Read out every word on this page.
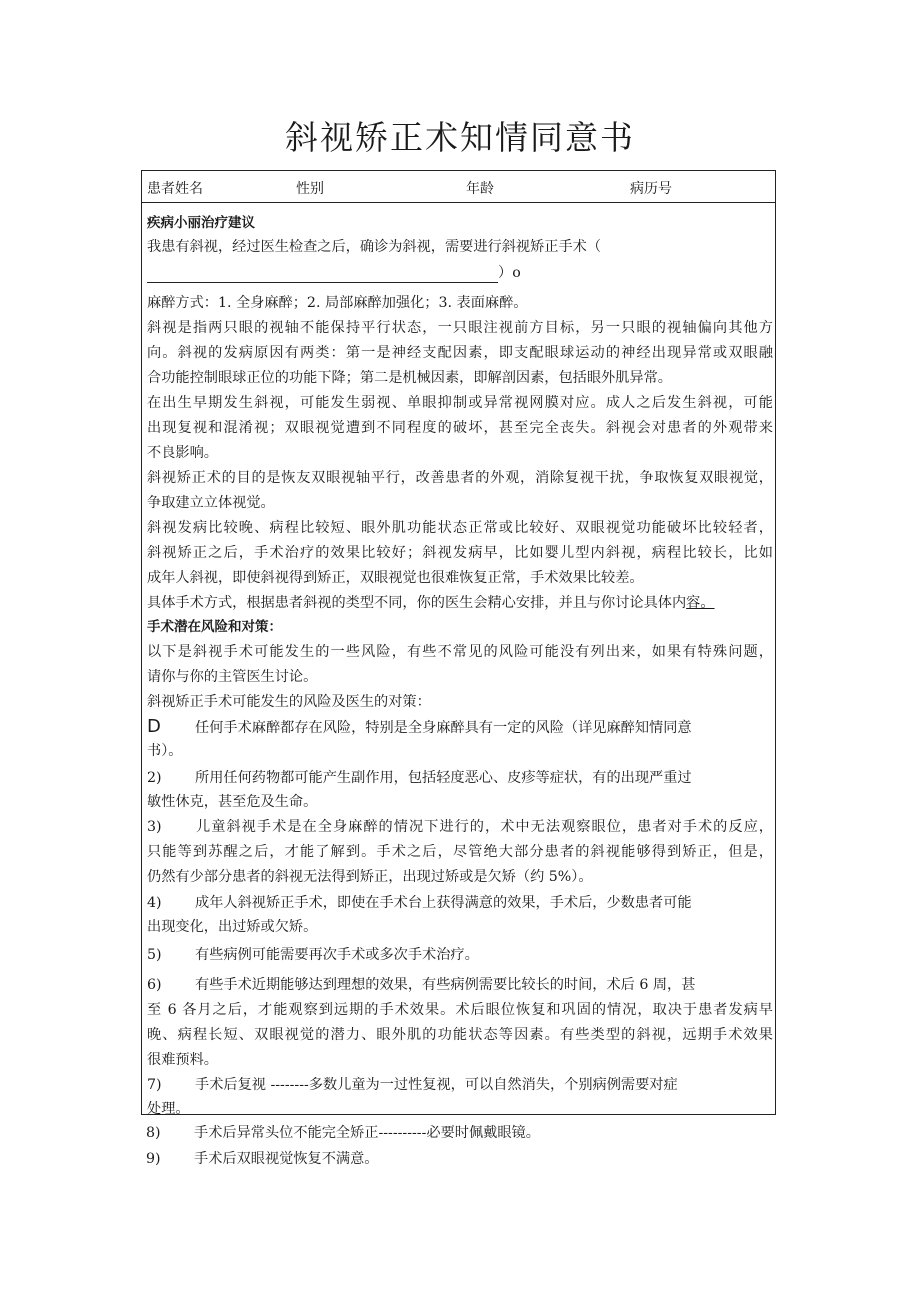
斜视矫正术知情同意书
患者姓名	性别	年龄	病历号
疾病小丽治疗建议
我患有斜视，经过医生检查之后，确诊为斜视，需要进行斜视矫正手术（
）o
麻醉方式：1. 全身麻醉；2. 局部麻醉加强化；3. 表面麻醉。
斜视是指两只眼的视轴不能保持平行状态，一只眼注视前方目标，另一只眼的视轴偏向其他方
向。斜视的发病原因有两类：第一是神经支配因素，即支配眼球运动的神经出现异常或双眼融
合功能控制眼球正位的功能下降；第二是机械因素，即解剖因素，包括眼外肌异常。
在出生早期发生斜视，可能发生弱视、单眼抑制或异常视网膜对应。成人之后发生斜视，可能
出现复视和混淆视；双眼视觉遭到不同程度的破坏，甚至完全丧失。斜视会对患者的外观带来
不良影响。
斜视矫正术的目的是恢友双眼视轴平行，改善患者的外观，消除复视干扰，争取恢复双眼视觉，
争取建立立体视觉。
斜视发病比较晚、病程比较短、眼外肌功能状态正常或比较好、双眼视觉功能破坏比较轻者，
斜视矫正之后，手术治疗的效果比较好；斜视发病早，比如婴儿型内斜视，病程比较长，比如
成年人斜视，即使斜视得到矫正，双眼视觉也很难恢复正常，手术效果比较差。
具体手术方式，根据患者斜视的类型不同，你的医生会精心安排，并且与你讨论具体内容。
手术潜在风险和对策：
以下是斜视手术可能发生的一些风险，有些不常见的风险可能没有列出来，如果有特殊问题，
请你与你的主管医生讨论。
斜视矫正手术可能发生的风险及医生的对策：
D 任何手术麻醉都存在风险，特别是全身麻醉具有一定的风险（详见麻醉知情同意
书）。
2) 所用任何药物都可能产生副作用，包括轻度恶心、皮疹等症状，有的出现严重过
敏性休克，甚至危及生命。
3) 儿童斜视手术是在全身麻醉的情况下进行的，术中无法观察眼位，患者对手术的反应，
只能等到苏醒之后，才能了解到。手术之后，尽管绝大部分患者的斜视能够得到矫正，但是，
仍然有少部分患者的斜视无法得到矫正，出现过矫或是欠矫（约 5%）。
4) 成年人斜视矫正手术，即使在手术台上获得满意的效果，手术后，少数患者可能
出现变化，出过矫或欠矫。
5) 有些病例可能需要再次手术或多次手术治疗。
6) 有些手术近期能够达到理想的效果，有些病例需要比较长的时间，术后 6 周，甚
至 6 各月之后，才能观察到远期的手术效果。术后眼位恢复和巩固的情况，取决于患者发病早
晚、病程长短、双眼视觉的潜力、眼外肌的功能状态等因素。有些类型的斜视，远期手术效果
很难预料。
7) 手术后复视 --------多数儿童为一过性复视，可以自然消失，个别病例需要对症
处理。
8) 手术后异常头位不能完全矫正----------必要时佩戴眼镜。
9) 手术后双眼视觉恢复不满意。
